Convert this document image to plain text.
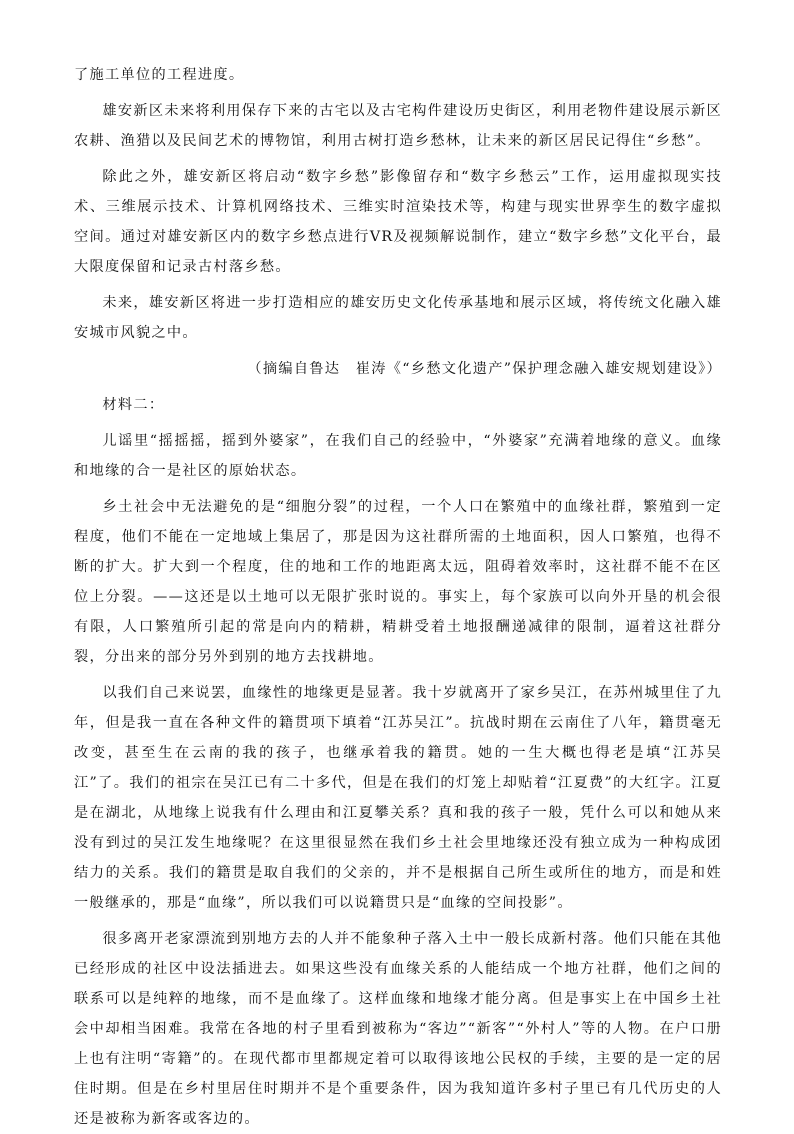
了施工单位的工程进度。

雄安新区未来将利用保存下来的古宅以及古宅构件建设历史街区，利用老物件建设展示新区农耕、渔猎以及民间艺术的博物馆，利用古树打造乡愁林，让未来的新区居民记得住“乡愁”。

除此之外，雄安新区将启动“数字乡愁”影像留存和“数字乡愁云”工作，运用虚拟现实技术、三维展示技术、计算机网络技术、三维实时渲染技术等，构建与现实世界孪生的数字虚拟空间。通过对雄安新区内的数字乡愁点进行VR及视频解说制作，建立“数字乡愁”文化平台，最大限度保留和记录古村落乡愁。

未来，雄安新区将进一步打造相应的雄安历史文化传承基地和展示区域，将传统文化融入雄安城市风貌之中。

（摘编自鲁达　崔涛《“乡愁文化遗产”保护理念融入雄安规划建设》）

材料二：

儿谣里“摇摇摇，摇到外婆家”，在我们自己的经验中，“外婆家”充满着地缘的意义。血缘和地缘的合一是社区的原始状态。

乡土社会中无法避免的是“细胞分裂”的过程，一个人口在繁殖中的血缘社群，繁殖到一定程度，他们不能在一定地域上集居了，那是因为这社群所需的土地面积，因人口繁殖，也得不断的扩大。扩大到一个程度，住的地和工作的地距离太远，阻碍着效率时，这社群不能不在区位上分裂。——这还是以土地可以无限扩张时说的。事实上，每个家族可以向外开垦的机会很有限，人口繁殖所引起的常是向内的精耕，精耕受着土地报酬递减律的限制，逼着这社群分裂，分出来的部分另外到别的地方去找耕地。

以我们自己来说罢，血缘性的地缘更是显著。我十岁就离开了家乡吴江，在苏州城里住了九年，但是我一直在各种文件的籍贯项下填着“江苏吴江”。抗战时期在云南住了八年，籍贯毫无改变，甚至生在云南的我的孩子，也继承着我的籍贯。她的一生大概也得老是填“江苏吴江”了。我们的祖宗在吴江已有二十多代，但是在我们的灯笼上却贴着“江夏费”的大红字。江夏是在湖北，从地缘上说我有什么理由和江夏攀关系？真和我的孩子一般，凭什么可以和她从来没有到过的吴江发生地缘呢？在这里很显然在我们乡土社会里地缘还没有独立成为一种构成团结力的关系。我们的籍贯是取自我们的父亲的，并不是根据自己所生或所住的地方，而是和姓一般继承的，那是“血缘”，所以我们可以说籍贯只是“血缘的空间投影”。

很多离开老家漂流到别地方去的人并不能象种子落入土中一般长成新村落。他们只能在其他已经形成的社区中设法插进去。如果这些没有血缘关系的人能结成一个地方社群，他们之间的联系可以是纯粹的地缘，而不是血缘了。这样血缘和地缘才能分离。但是事实上在中国乡土社会中却相当困难。我常在各地的村子里看到被称为“客边”“新客”“外村人”等的人物。在户口册上也有注明“寄籍”的。在现代都市里都规定着可以取得该地公民权的手续，主要的是一定的居住时期。但是在乡村里居住时期并不是个重要条件，因为我知道许多村子里已有几代历史的人还是被称为新客或客边的。
